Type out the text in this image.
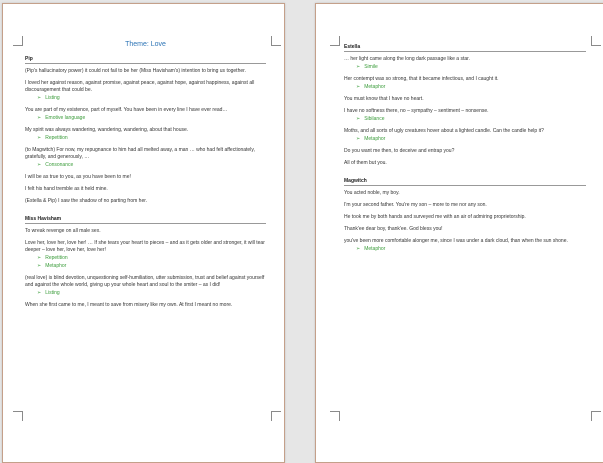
Theme: Love
Pip
(Pip's hallucinatory power) it could not fail to be her (Miss Havisham's) intention to bring us together.
I loved her against reason, against promise, against peace, against hope, against happiness, against all discouragement that could be.
➢ Listing
You are part of my existence, part of myself. You have been in every line I have ever read…
➢ Emotive language
My spirit was always wandering, wandering, wandering, about that house.
➢ Repetition
(to Magwitch) For now, my repugnance to him had all melted away, a man … who had felt affectionately, gratefully, and generously, …
➢ Consonance
I will be as true to you, as you have been to me!
I felt his hand tremble as it held mine.
(Estella & Pip) I saw the shadow of no parting from her.
Miss Havisham
To wreak revenge on all male sex.
Love her, love her, love her! … If she tears your heart to pieces – and as it gets older and stronger, it will tear deeper – love her, love her, love her!
➢ Repetition
➢ Metaphor
(real love) is blind devotion, unquestioning self-humiliation, utter submission, trust and belief against yourself and against the whole world, giving up your whole heart and soul to the smiter – as I did!
➢ Listing
When she first came to me, I meant to save from misery like my own. At first I meant no more.
Estella
… her light came along the long dark passage like a star.
➢ Simile
Her contempt was so strong, that it became infectious, and I caught it.
➢ Metaphor
You must know that I have no heart.
I have no softness there, no – sympathy – sentiment – nonsense.
➢ Sibilance
Moths, and all sorts of ugly creatures hover about a lighted candle. Can the candle help it?
➢ Metaphor
Do you want me then, to deceive and entrap you?
All of them but you.
Magwitch
You acted noble, my boy.
I'm your second father. You're my son – more to me nor any son.
He took me by both hands and surveyed me with an air of admiring proprietorship.
Thank'ee dear boy, thank'ee. God bless you!
you've been more comfortable alonger me, since I was under a dark cloud, than when the sun shone.
➢ Metaphor
